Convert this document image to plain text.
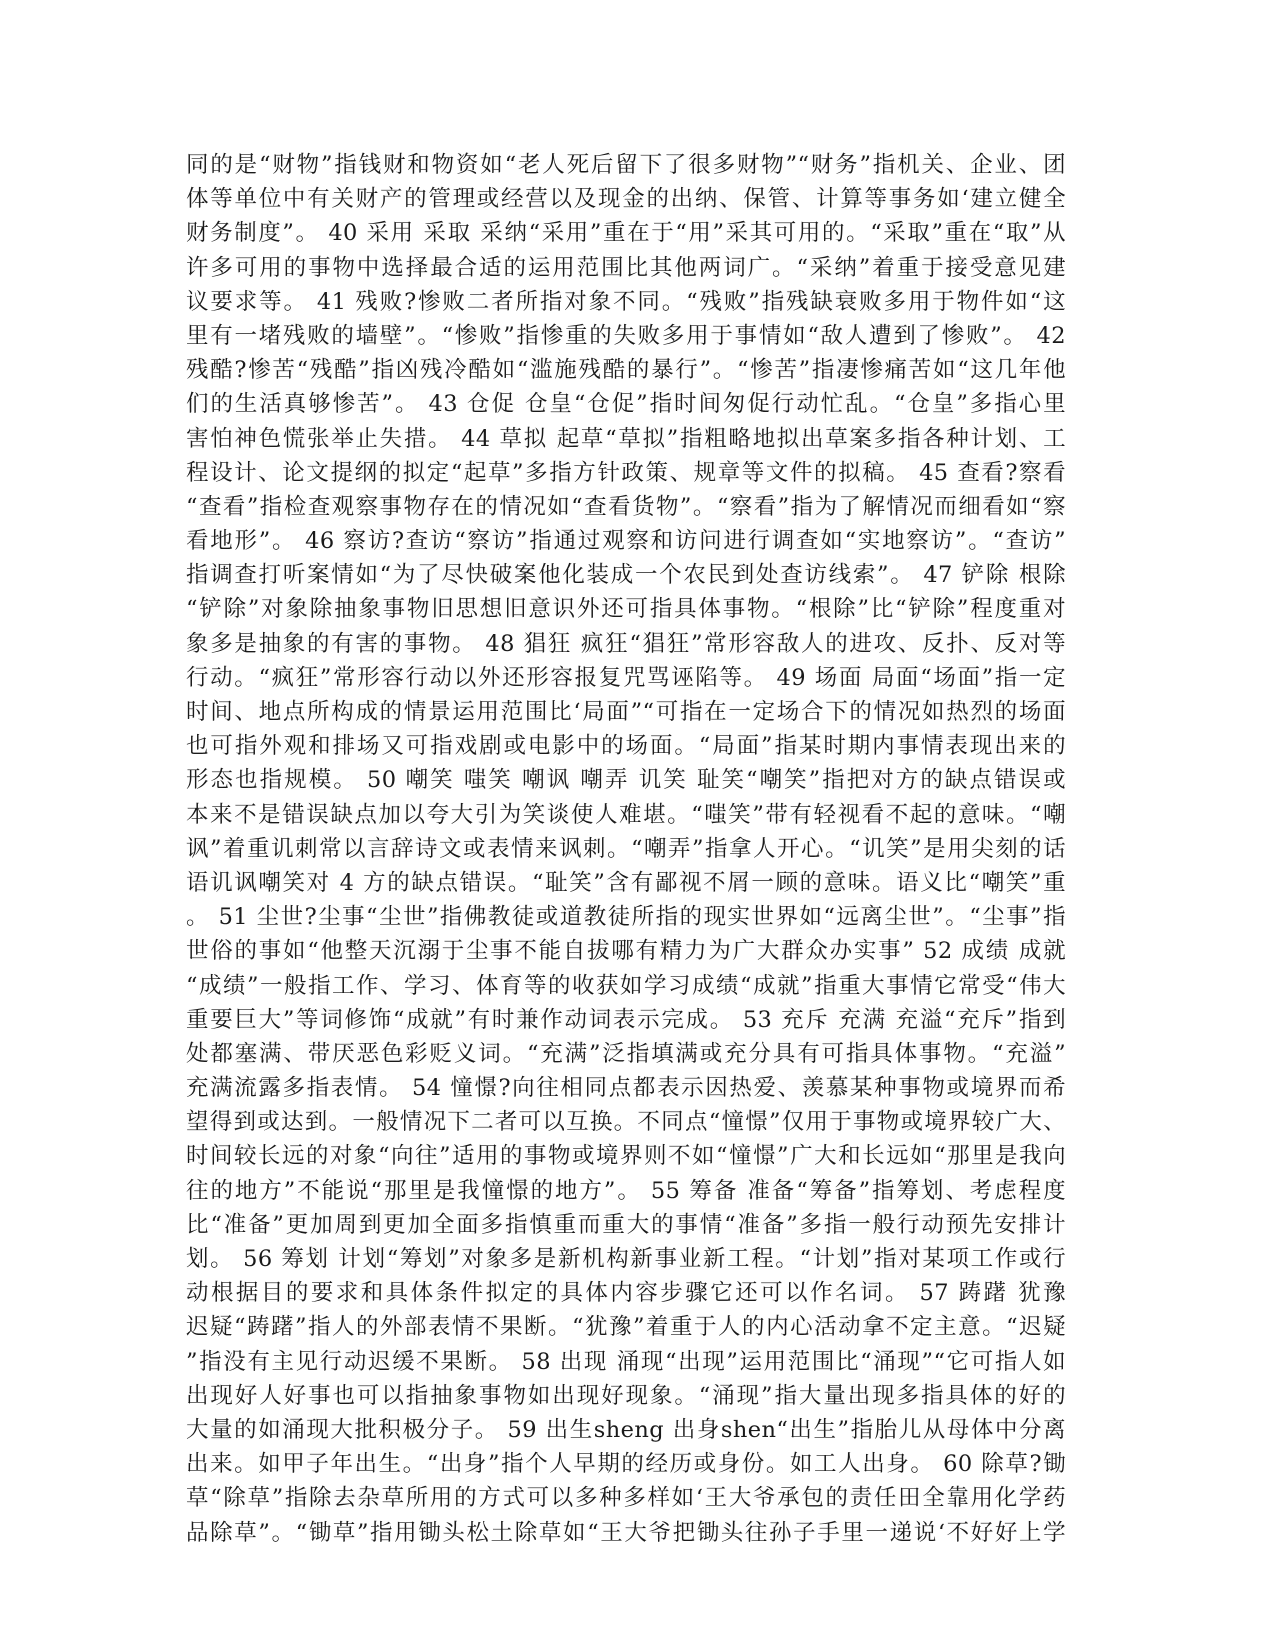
同的是“财物”指钱财和物资如“老人死后留下了很多财物”“财务”指机关、企业、团
体等单位中有关财产的管理或经营以及现金的出纳、保管、计算等事务如‘建立健全
财务制度”。 40 采用 采取 采纳“采用”重在于“用”采其可用的。“采取”重在“取”从
许多可用的事物中选择最合适的运用范围比其他两词广。“采纳”着重于接受意见建
议要求等。 41 残败?惨败二者所指对象不同。“残败”指残缺衰败多用于物件如“这
里有一堵残败的墙壁”。“惨败”指惨重的失败多用于事情如“敌人遭到了惨败”。 42
残酷?惨苦“残酷”指凶残冷酷如“滥施残酷的暴行”。“惨苦”指凄惨痛苦如“这几年他
们的生活真够惨苦”。 43 仓促 仓皇“仓促”指时间匆促行动忙乱。“仓皇”多指心里
害怕神色慌张举止失措。 44 草拟 起草“草拟”指粗略地拟出草案多指各种计划、工
程设计、论文提纲的拟定“起草”多指方针政策、规章等文件的拟稿。 45 查看?察看
“查看”指检查观察事物存在的情况如“查看货物”。“察看”指为了解情况而细看如“察
看地形”。 46 察访?查访“察访”指通过观察和访问进行调查如“实地察访”。“查访”
指调查打听案情如“为了尽快破案他化装成一个农民到处查访线索”。 47 铲除 根除
“铲除”对象除抽象事物旧思想旧意识外还可指具体事物。“根除”比“铲除”程度重对
象多是抽象的有害的事物。 48 猖狂 疯狂“猖狂”常形容敌人的进攻、反扑、反对等
行动。“疯狂”常形容行动以外还形容报复咒骂诬陷等。 49 场面 局面“场面”指一定
时间、地点所构成的情景运用范围比‘局面”“可指在一定场合下的情况如热烈的场面
也可指外观和排场又可指戏剧或电影中的场面。“局面”指某时期内事情表现出来的
形态也指规模。 50 嘲笑 嗤笑 嘲讽 嘲弄 讥笑 耻笑“嘲笑”指把对方的缺点错误或
本来不是错误缺点加以夸大引为笑谈使人难堪。“嗤笑”带有轻视看不起的意味。“嘲
讽”着重讥刺常以言辞诗文或表情来讽刺。“嘲弄”指拿人开心。“讥笑”是用尖刻的话
语讥讽嘲笑对 4 方的缺点错误。“耻笑”含有鄙视不屑一顾的意味。语义比“嘲笑”重
。 51 尘世?尘事“尘世”指佛教徒或道教徒所指的现实世界如“远离尘世”。“尘事”指
世俗的事如“他整天沉溺于尘事不能自拔哪有精力为广大群众办实事” 52 成绩 成就
“成绩”一般指工作、学习、体育等的收获如学习成绩“成就”指重大事情它常受“伟大
重要巨大”等词修饰“成就”有时兼作动词表示完成。 53 充斥 充满 充溢“充斥”指到
处都塞满、带厌恶色彩贬义词。“充满”泛指填满或充分具有可指具体事物。“充溢”
充满流露多指表情。 54 憧憬?向往相同点都表示因热爱、羡慕某种事物或境界而希
望得到或达到。一般情况下二者可以互换。不同点“憧憬”仅用于事物或境界较广大、
时间较长远的对象“向往”适用的事物或境界则不如“憧憬”广大和长远如“那里是我向
往的地方”不能说“那里是我憧憬的地方”。 55 筹备 准备“筹备”指筹划、考虑程度
比“准备”更加周到更加全面多指慎重而重大的事情“准备”多指一般行动预先安排计
划。 56 筹划 计划“筹划”对象多是新机构新事业新工程。“计划”指对某项工作或行
动根据目的要求和具体条件拟定的具体内容步骤它还可以作名词。 57 踌躇 犹豫
迟疑“踌躇”指人的外部表情不果断。“犹豫”着重于人的内心活动拿不定主意。“迟疑
”指没有主见行动迟缓不果断。 58 出现 涌现“出现”运用范围比“涌现”“它可指人如
出现好人好事也可以指抽象事物如出现好现象。“涌现”指大量出现多指具体的好的
大量的如涌现大批积极分子。 59 出生sheng 出身shen“出生”指胎儿从母体中分离
出来。如甲子年出生。“出身”指个人早期的经历或身份。如工人出身。 60 除草?锄
草“除草”指除去杂草所用的方式可以多种多样如‘王大爷承包的责任田全靠用化学药
品除草”。“锄草”指用锄头松土除草如“王大爷把锄头往孙子手里一递说‘不好好上学
